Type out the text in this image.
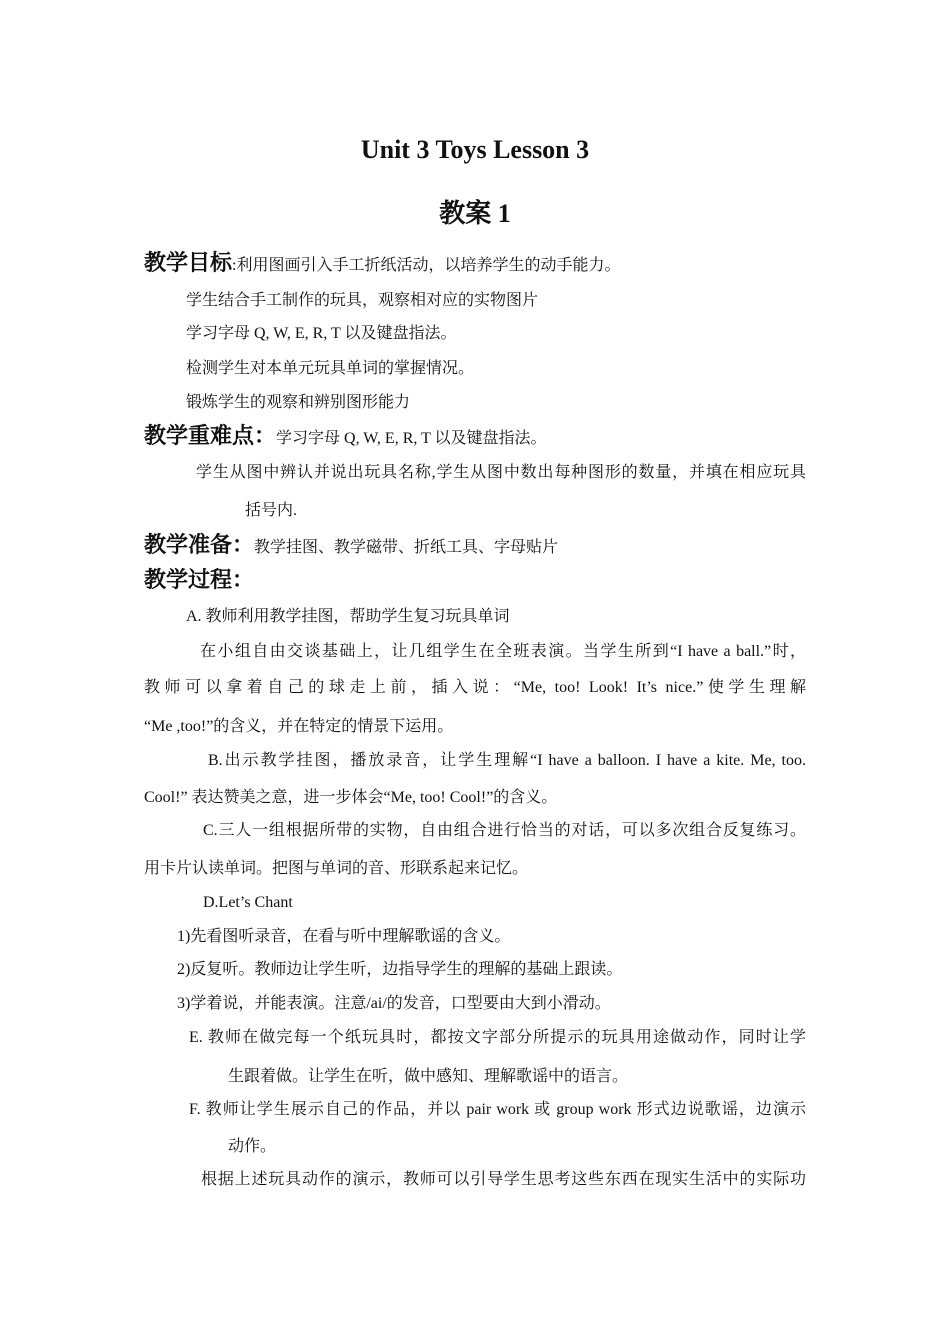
Unit 3 Toys Lesson 3
教案 1
教学目标:利用图画引入手工折纸活动，以培养学生的动手能力。
学生结合手工制作的玩具，观察相对应的实物图片
学习字母 Q, W, E, R, T 以及键盘指法。
检测学生对本单元玩具单词的掌握情况。
锻炼学生的观察和辨别图形能力
教学重难点：学习字母 Q, W, E, R, T 以及键盘指法。
学生从图中辨认并说出玩具名称,学生从图中数出每种图形的数量，并填在相应玩具
括号内.
教学准备：教学挂图、教学磁带、折纸工具、字母贴片
教学过程：
A. 教师利用教学挂图，帮助学生复习玩具单词
在小组自由交谈基础上，让几组学生在全班表演。当学生所到“I have a ball.”时，
教师可以拿着自己的球走上前，插入说：“Me, too! Look! It’s nice.”使学生理解
“Me ,too!”的含义，并在特定的情景下运用。
B.出示教学挂图，播放录音，让学生理解“I have a balloon. I have a kite. Me, too.
Cool!” 表达赞美之意，进一步体会“Me, too! Cool!”的含义。
C.三人一组根据所带的实物，自由组合进行恰当的对话，可以多次组合反复练习。
用卡片认读单词。把图与单词的音、形联系起来记忆。
D.Let’s Chant
1)先看图听录音，在看与听中理解歌谣的含义。
2)反复听。教师边让学生听，边指导学生的理解的基础上跟读。
3)学着说，并能表演。注意/ai/的发音，口型要由大到小滑动。
E. 教师在做完每一个纸玩具时，都按文字部分所提示的玩具用途做动作，同时让学
生跟着做。让学生在听，做中感知、理解歌谣中的语言。
F. 教师让学生展示自己的作品，并以 pair work 或 group work 形式边说歌谣，边演示
动作。
根据上述玩具动作的演示，教师可以引导学生思考这些东西在现实生活中的实际功
